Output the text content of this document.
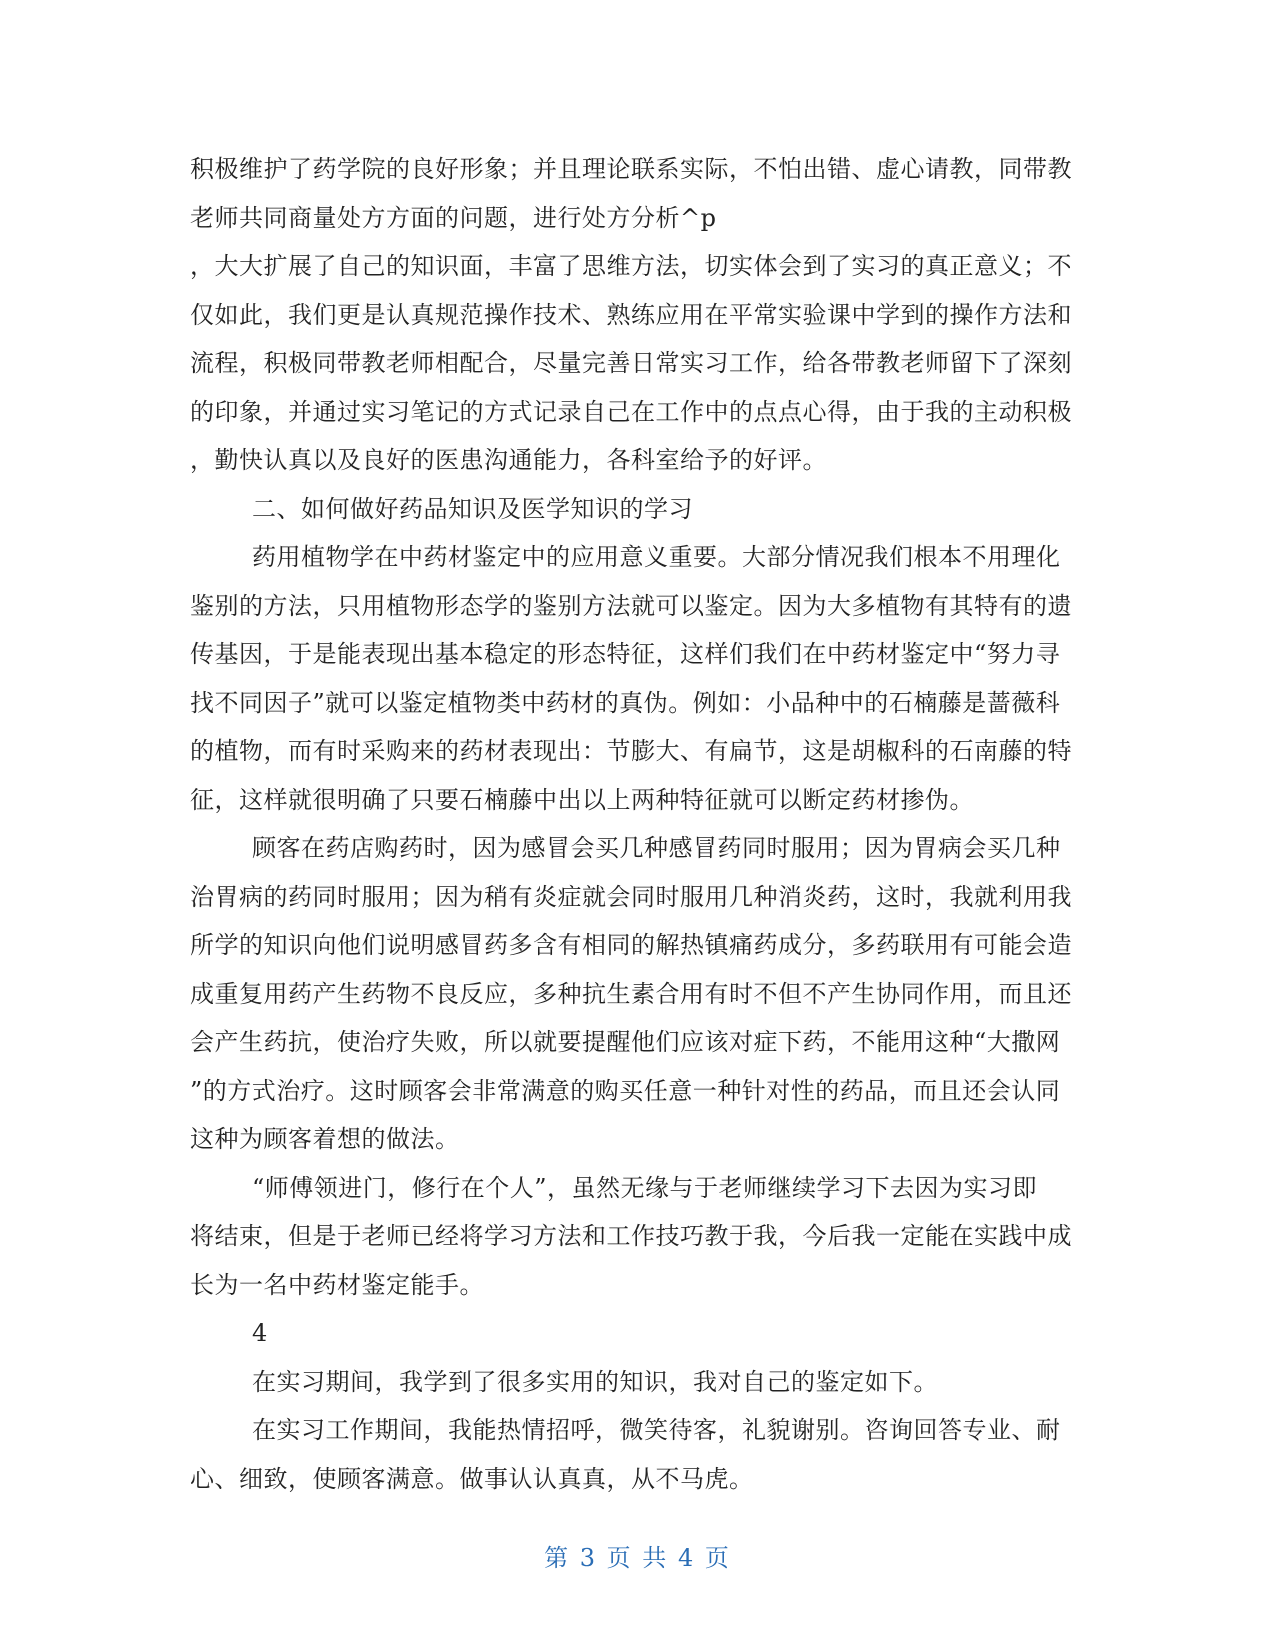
积极维护了药学院的良好形象；并且理论联系实际，不怕出错、虚心请教，同带教
老师共同商量处方方面的问题，进行处方分析^p
，大大扩展了自己的知识面，丰富了思维方法，切实体会到了实习的真正意义；不
仅如此，我们更是认真规范操作技术、熟练应用在平常实验课中学到的操作方法和
流程，积极同带教老师相配合，尽量完善日常实习工作，给各带教老师留下了深刻
的印象，并通过实习笔记的方式记录自己在工作中的点点心得，由于我的主动积极
，勤快认真以及良好的医患沟通能力，各科室给予的好评。
二、如何做好药品知识及医学知识的学习
药用植物学在中药材鉴定中的应用意义重要。大部分情况我们根本不用理化
鉴别的方法，只用植物形态学的鉴别方法就可以鉴定。因为大多植物有其特有的遗
传基因，于是能表现出基本稳定的形态特征，这样们我们在中药材鉴定中“努力寻
找不同因子”就可以鉴定植物类中药材的真伪。例如：小品种中的石楠藤是蔷薇科
的植物，而有时采购来的药材表现出：节膨大、有扁节，这是胡椒科的石南藤的特
征，这样就很明确了只要石楠藤中出以上两种特征就可以断定药材掺伪。
顾客在药店购药时，因为感冒会买几种感冒药同时服用；因为胃病会买几种
治胃病的药同时服用；因为稍有炎症就会同时服用几种消炎药，这时，我就利用我
所学的知识向他们说明感冒药多含有相同的解热镇痛药成分，多药联用有可能会造
成重复用药产生药物不良反应，多种抗生素合用有时不但不产生协同作用，而且还
会产生药抗，使治疗失败，所以就要提醒他们应该对症下药，不能用这种“大撒网
”的方式治疗。这时顾客会非常满意的购买任意一种针对性的药品，而且还会认同
这种为顾客着想的做法。
“师傅领进门，修行在个人”，虽然无缘与于老师继续学习下去因为实习即
将结束，但是于老师已经将学习方法和工作技巧教于我，今后我一定能在实践中成
长为一名中药材鉴定能手。
4
在实习期间，我学到了很多实用的知识，我对自己的鉴定如下。
在实习工作期间，我能热情招呼，微笑待客，礼貌谢别。咨询回答专业、耐
心、细致，使顾客满意。做事认认真真，从不马虎。
第 3 页 共 4 页
